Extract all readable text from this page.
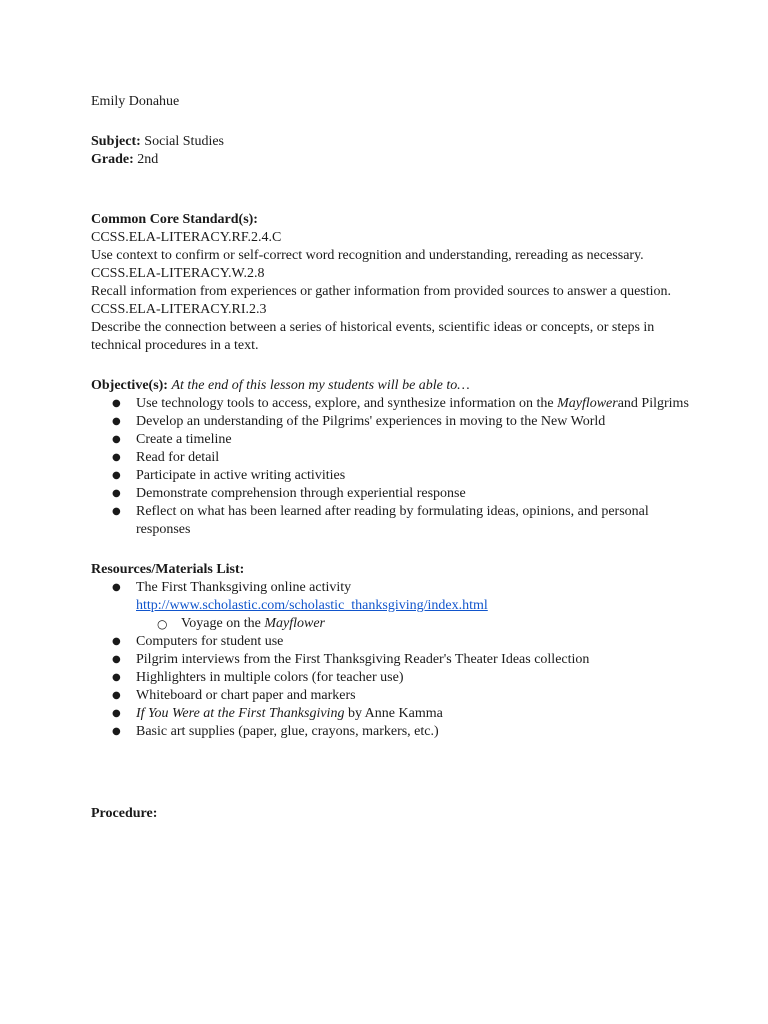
Emily Donahue

Subject: Social Studies

Grade: 2nd

Common Core Standard(s):

CCSS.ELA-LITERACY.RF.2.4.C

Use context to confirm or self-correct word recognition and understanding, rereading as necessary.

CCSS.ELA-LITERACY.W.2.8

Recall information from experiences or gather information from provided sources to answer a question.

CCSS.ELA-LITERACY.RI.2.3

Describe the connection between a series of historical events, scientific ideas or concepts, or steps in technical procedures in a text.

Objective(s): At the end of this lesson my students will be able to…

● Use technology tools to access, explore, and synthesize information on the Mayflowerand Pilgrims
● Develop an understanding of the Pilgrims' experiences in moving to the New World
● Create a timeline
● Read for detail
● Participate in active writing activities
● Demonstrate comprehension through experiential response
● Reflect on what has been learned after reading by formulating ideas, opinions, and personal responses

Resources/Materials List:

● The First Thanksgiving online activity
http://www.scholastic.com/scholastic_thanksgiving/index.html
○ Voyage on the Mayflower
● Computers for student use
● Pilgrim interviews from the First Thanksgiving Reader's Theater Ideas collection
● Highlighters in multiple colors (for teacher use)
● Whiteboard or chart paper and markers
● If You Were at the First Thanksgiving by Anne Kamma
● Basic art supplies (paper, glue, crayons, markers, etc.)

Procedure:
